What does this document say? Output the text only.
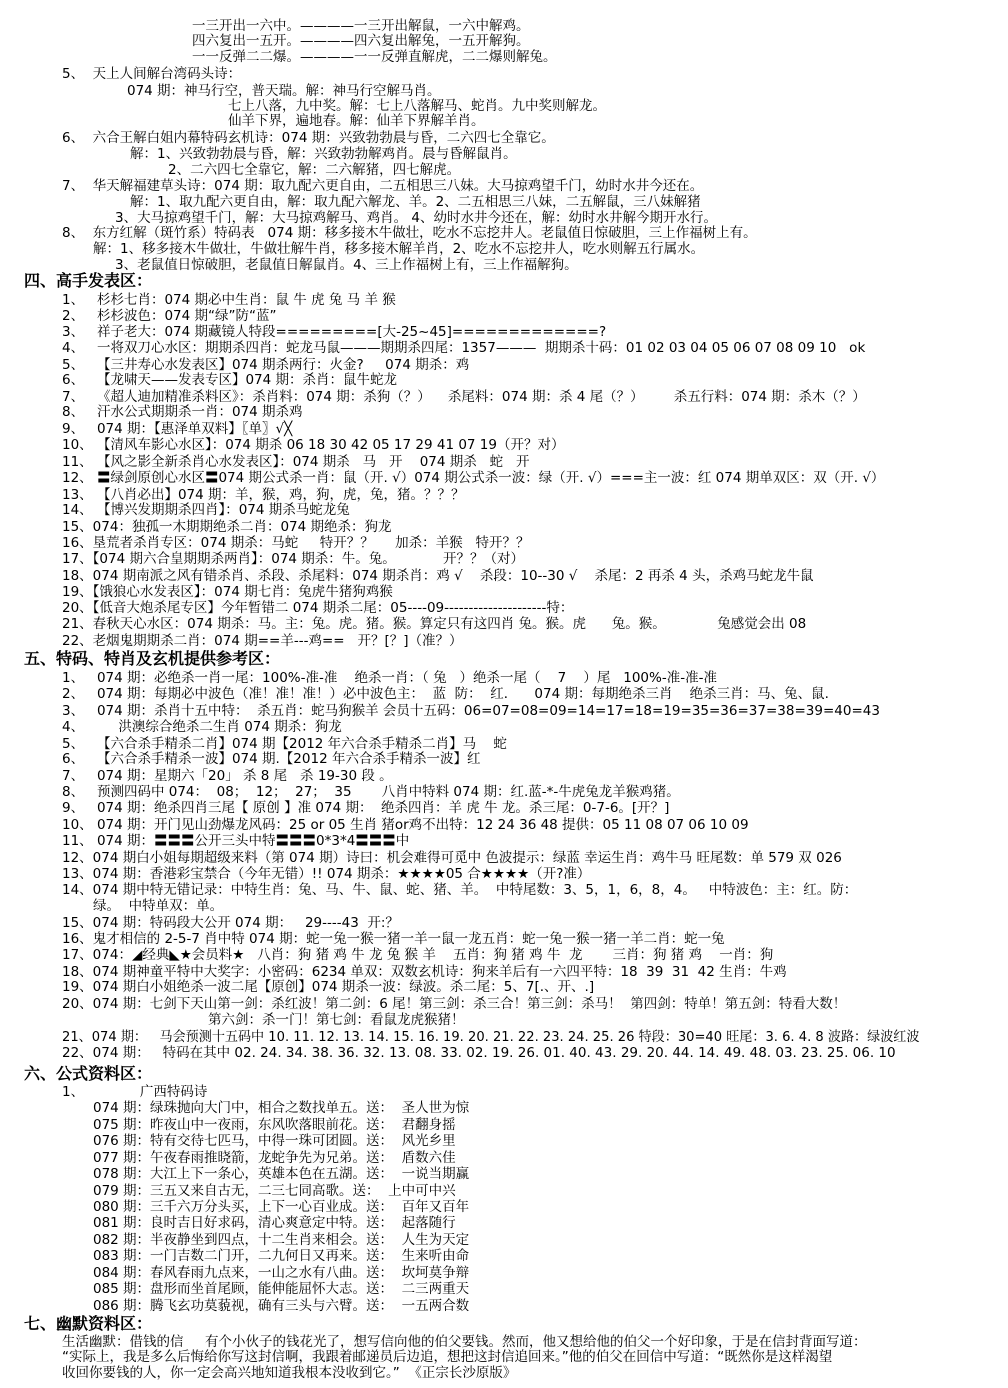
一三开出一六中。————一三开出解鼠，一六中解鸡。
四六复出一五开。————四六复出解兔，一五开解狗。
一一反弹二二爆。————一一反弹直解虎，二二爆则解兔。
5、  天上人间解台湾码头诗：
074 期：神马行空，普天瑞。解：神马行空解马肖。
七上八落，九中奖。解：七上八落解马、蛇肖。九中奖则解龙。
仙羊下界，遍地春。解：仙羊下界解羊肖。
6、  六合王解白姐内幕特码玄机诗：074 期：兴致勃勃晨与昏，二六四七全靠它。
解：1、兴致勃勃晨与昏，解：兴致勃勃解鸡肖。晨与昏解鼠肖。
2、二六四七全靠它，解：二六解猪，四七解虎。
7、  华天解福建草头诗：074 期：取九配六更自由，二五相思三八妹。大马掠鸡望千门，幼时水井今还在。
解：1、取九配六更自由，解：取九配六解龙、羊。2、二五相思三八妹，二五解鼠，三八妹解猪
3、大马掠鸡望千门，解：大马掠鸡解马、鸡肖。 4、幼时水井今还在，解：幼时水井解今期开水行。
8、  东方红解（斑竹系）特码表   074 期：移多接木牛做壮，吃水不忘挖井人。老鼠值日惊破胆，三上作福树上有。
解：1、移多接木牛做壮，牛做壮解牛肖，移多接木解羊肖，2、吃水不忘挖井人，吃水则解五行属水。
3、老鼠值日惊破胆，老鼠值日解鼠肖。4、三上作福树上有，三上作福解狗。
四、高手发表区：
1、   杉杉七肖：074 期必中生肖：鼠 牛 虎 兔 马 羊 猴
2、   杉杉波色：074 期“绿”防“蓝”
3、   祥子老大：074 期藏镜人特段=========[大-25~45]=============?
4、   一将双刀心水区：期期杀四肖：蛇龙马鼠———期期杀四尾：1357———  期期杀十码：01 02 03 04 05 06 07 08 09 10   ok
5、   【三井寿心水发表区】074 期杀两行：火金?     074 期杀：鸡
6、   【龙啸天——发表专区】074 期：杀肖：鼠牛蛇龙
7、   《超人迪加精准杀料区》：杀肖料：074 期：杀狗（？）    杀尾料：074 期：杀 4 尾（？）       杀五行料：074 期：杀木（？）
8、   汗水公式期期杀一肖：074 期杀鸡
9、   074 期：【惠泽单双料】〖单〗√╳
10、 【清风车影心水区】：074 期杀 06 18 30 42 05 17 29 41 07 19（开？对）
11、 【风之影全新杀肖心水发表区】：074 期杀   马   开    074 期杀   蛇   开
12、 〓绿剑原创心水区〓074 期公式杀一肖：鼠（开. √）074 期公式杀一波：绿（开. √）===主一波：红 074 期单双区：双（开. √）
13、 【八肖必出】074 期：羊，猴，鸡，狗，虎，兔，猪。？？？
14、 【博兴发期期杀四肖】：074 期杀马蛇龙兔
15、074：独孤一木期期绝杀二肖：074 期绝杀：狗龙
16、垦荒者杀肖专区：074 期杀：马蛇     特开？？     加杀：羊猴   特开？？
17、【074 期六合皇期期杀两肖】：074 期杀：牛。兔。           开？？（对）
18、074 期南派之风有错杀肖、杀段、杀尾料：074 期杀肖：鸡 √    杀段：10--30 √    杀尾：2 再杀 4 头，杀鸡马蛇龙牛鼠
19、【饿狼心水发表区】：074 期七肖：兔虎牛猪狗鸡猴
20、【低音大炮杀尾专区】今年暂错二 074 期杀二尾：05----09---------------------特：
21、春秋天心水区：074 期杀：马。主：兔。虎。猪。猴。算定只有这四肖 兔。猴。虎      兔。猴。            兔感觉会出 08
22、老烟鬼期期杀二肖：074 期==羊---鸡==   开？[？]（准？）
五、特码、特肖及玄机提供参考区：
1、   074 期：必绝杀一肖一尾：100%-准-准    绝杀一肖：（ 兔   ）绝杀一尾（    7    ）尾   100%-准-准-准
2、   074 期：每期必中波色（准！准！准！）必中波色主：  蓝  防：  红．    074 期：每期绝杀三肖    绝杀三肖：马、兔、鼠.
3、   074 期：杀肖十五中特：  杀五肖：蛇马狗猴羊 会员十五码：06=07=08=09=14=17=18=19=35=36=37=38=39=40=43
4、        洪澳综合绝杀二生肖 074 期杀：狗龙
5、   【六合杀手精杀二肖】074 期【2012 年六合杀手精杀二肖】马    蛇
6、   【六合杀手精杀一波】074 期.【2012 年六合杀手精杀一波】红
7、   074 期：星期六「20」 杀 8 尾   杀 19-30 段 。
8、   预测四码中 074：  08；  12；  27；  35       八肖中特料 074 期：红.蓝-*-牛虎兔龙羊猴鸡猪。
9、   074 期：绝杀四肖三尾【 原创 】准 074 期：  绝杀四肖：羊 虎 牛 龙。杀三尾：0-7-6。[开？]
10、 074 期：开门见山劲爆龙风码：25 or 05 生肖 猪or鸡不出特：12 24 36 48 提供：05 11 08 07 06 10 09
11、 074 期：〓〓〓公开三头中特〓〓〓0*3*4〓〓〓中
12、074 期白小姐每期超级来料（第 074 期）诗曰：机会难得可觅中 色波提示：绿蓝 幸运生肖：鸡牛马 旺尾数：单 579 双 026
13、074 期：香港彩宝禁合（今年无错）!! 074 期杀：★★★★05 合★★★★（开?准）
14、074 期中特无错记录：中特生肖：兔、马、牛、鼠、蛇、猪、羊。  中特尾数：3、5，1，6，8，4。   中特波色：主：红。防：
绿。  中特单双：单。
15、074 期：特码段大公开 074 期：   29----43  开:？
16、鬼才相信的 2-5-7 肖中特 074 期：蛇一兔一猴一猪一羊一鼠一龙五肖：蛇一兔一猴一猪一羊二肖：蛇一兔
17、074：◢经典◣★会员料★   八肖：狗 猪 鸡 牛 龙 兔 猴 羊    五肖：狗 猪 鸡 牛  龙       三肖：狗 猪 鸡    一肖：狗
18、074 期神童平特中大奖字：小密码：6234 单双：双数玄机诗：狗来羊后有一六四平特：18  39  31  42 生肖：牛鸡
19、074 期白小姐绝杀一波二尾【原创】074 期杀一波：绿波。杀二尾：5、7[.、开、.]
20、074 期：七剑下天山第一剑：杀红波！第二剑：6 尾！第三剑：杀三合！第三剑：杀马！  第四剑：特单！第五剑：特看大数！
第六剑：杀一门！第七剑：看鼠龙虎猴猪！
21、074 期：   马会预测十五码中 10. 11. 12. 13. 14. 15. 16. 19. 20. 21. 22. 23. 24. 25. 26 特段：30=40 旺尾：3. 6. 4. 8 波路：绿波红波
22、074 期：   特码在其中 02. 24. 34. 38. 36. 32. 13. 08. 33. 02. 19. 26. 01. 40. 43. 29. 20. 44. 14. 49. 48. 03. 23. 25. 06. 10
六、公式资料区：
1、             广西特码诗
074 期：绿珠抛向大门中，相合之数找单五。送：  圣人世为惊
075 期：昨夜山中一夜雨，东风吹落眼前花。送：  君翻身摇
076 期：特有交待七匹马，中得一珠可团圆。送：  风光乡里
077 期：午夜春雨推晓箭，龙蛇争先为兄弟。送：  盾数六佳
078 期：大江上下一条心，英雄本色在五湖。送：  一说当期赢
079 期：三五又来自古无，二三七同高歌。送：  上中可中兴
080 期：三千六万分头买，上下一心百业成。送：  百年又百年
081 期：良时吉日好求码，清心爽意定中特。送：  起落随行
082 期：半夜静坐到四点，十二生肖来相会。送：  人生为天定
083 期：一门吉数二门开，二九何日又再来。送：  生来听由命
084 期：春风春雨九点来，一山之水有八曲。送：  坎坷莫争辩
085 期：盘形而坐首尾顾，能伸能屈怀大志。送：  二三两重天
086 期：腾飞玄功莫藐视，确有三头与六臂。送：  一五两合数
七、幽默资料区：
生活幽默：借钱的信     有个小伙子的钱花光了，想写信向他的伯父要钱。然而，他又想给他的伯父一个好印象，于是在信封背面写道：
“实际上，我是多么后悔给你写这封信啊，我跟着邮递员后边追，想把这封信追回来。”他的伯父在回信中写道：“既然你是这样渴望
收回你要钱的人，你一定会高兴地知道我根本没收到它。”  《正宗长沙原版》
